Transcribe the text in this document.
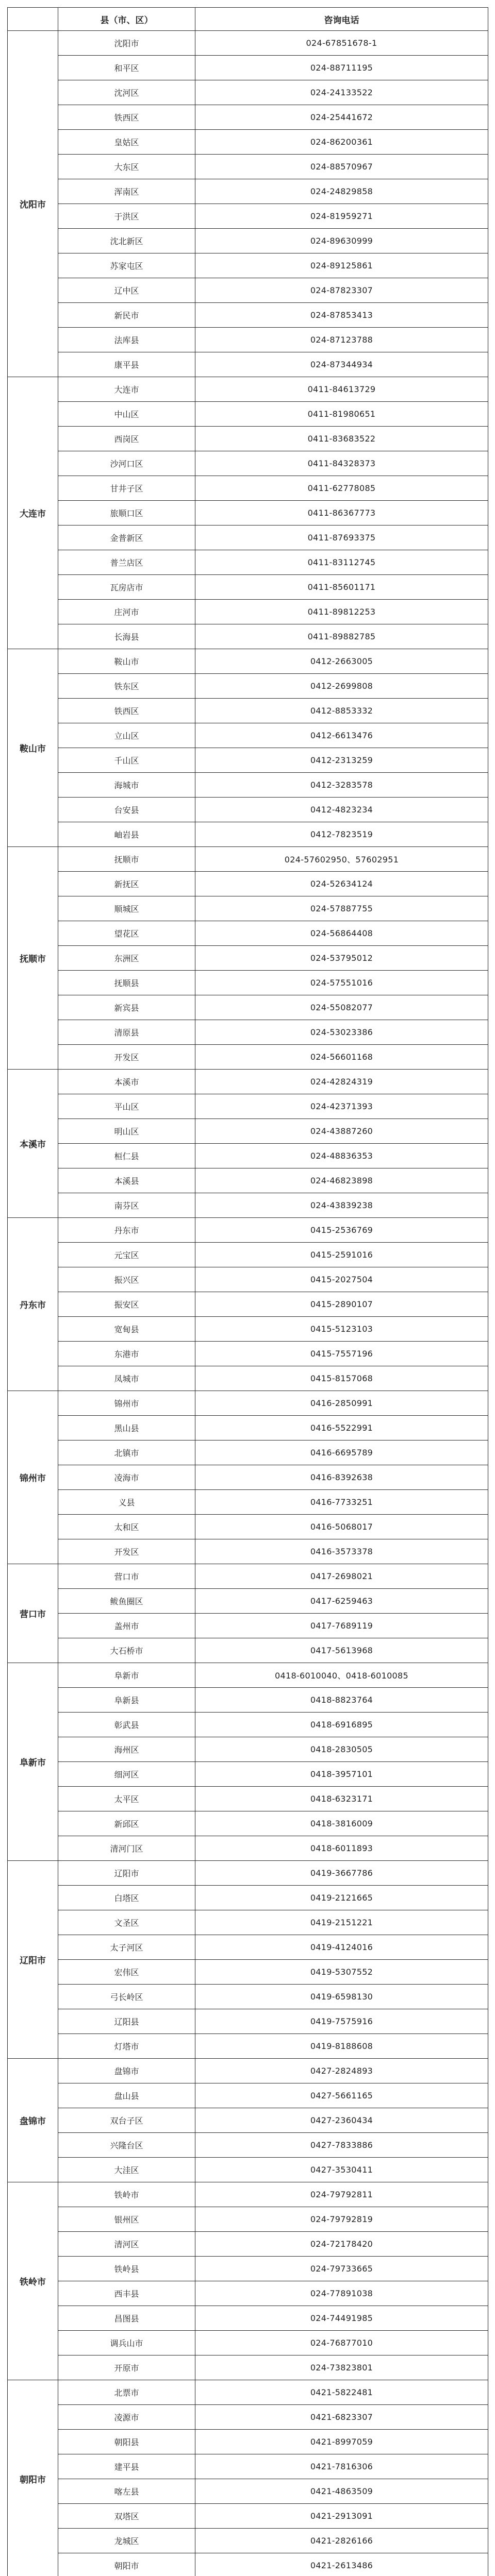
	县（市、区）	咨询电话
沈阳市	沈阳市	024-67851678-1
	和平区	024-88711195
	沈河区	024-24133522
	铁西区	024-25441672
	皇姑区	024-86200361
	大东区	024-88570967
	浑南区	024-24829858
	于洪区	024-81959271
	沈北新区	024-89630999
	苏家屯区	024-89125861
	辽中区	024-87823307
	新民市	024-87853413
	法库县	024-87123788
	康平县	024-87344934
大连市	大连市	0411-84613729
	中山区	0411-81980651
	西岗区	0411-83683522
	沙河口区	0411-84328373
	甘井子区	0411-62778085
	旅顺口区	0411-86367773
	金普新区	0411-87693375
	普兰店区	0411-83112745
	瓦房店市	0411-85601171
	庄河市	0411-89812253
	长海县	0411-89882785
鞍山市	鞍山市	0412-2663005
	铁东区	0412-2699808
	铁西区	0412-8853332
	立山区	0412-6613476
	千山区	0412-2313259
	海城市	0412-3283578
	台安县	0412-4823234
	岫岩县	0412-7823519
抚顺市	抚顺市	024-57602950、57602951
	新抚区	024-52634124
	顺城区	024-57887755
	望花区	024-56864408
	东洲区	024-53795012
	抚顺县	024-57551016
	新宾县	024-55082077
	清原县	024-53023386
	开发区	024-56601168
本溪市	本溪市	024-42824319
	平山区	024-42371393
	明山区	024-43887260
	桓仁县	024-48836353
	本溪县	024-46823898
	南芬区	024-43839238
丹东市	丹东市	0415-2536769
	元宝区	0415-2591016
	振兴区	0415-2027504
	振安区	0415-2890107
	宽甸县	0415-5123103
	东港市	0415-7557196
	凤城市	0415-8157068
锦州市	锦州市	0416-2850991
	黑山县	0416-5522991
	北镇市	0416-6695789
	凌海市	0416-8392638
	义县	0416-7733251
	太和区	0416-5068017
	开发区	0416-3573378
营口市	营口市	0417-2698021
	鲅鱼圈区	0417-6259463
	盖州市	0417-7689119
	大石桥市	0417-5613968
阜新市	阜新市	0418-6010040、0418-6010085
	阜新县	0418-8823764
	彰武县	0418-6916895
	海州区	0418-2830505
	细河区	0418-3957101
	太平区	0418-6323171
	新邱区	0418-3816009
	清河门区	0418-6011893
辽阳市	辽阳市	0419-3667786
	白塔区	0419-2121665
	文圣区	0419-2151221
	太子河区	0419-4124016
	宏伟区	0419-5307552
	弓长岭区	0419-6598130
	辽阳县	0419-7575916
	灯塔市	0419-8188608
盘锦市	盘锦市	0427-2824893
	盘山县	0427-5661165
	双台子区	0427-2360434
	兴隆台区	0427-7833886
	大洼区	0427-3530411
铁岭市	铁岭市	024-79792811
	银州区	024-79792819
	清河区	024-72178420
	铁岭县	024-79733665
	西丰县	024-77891038
	昌图县	024-74491985
	调兵山市	024-76877010
	开原市	024-73823801
朝阳市	北票市	0421-5822481
	凌源市	0421-6823307
	朝阳县	0421-8997059
	建平县	0421-7816306
	喀左县	0421-4863509
	双塔区	0421-2913091
	龙城区	0421-2826166
	朝阳市	0421-2613486
